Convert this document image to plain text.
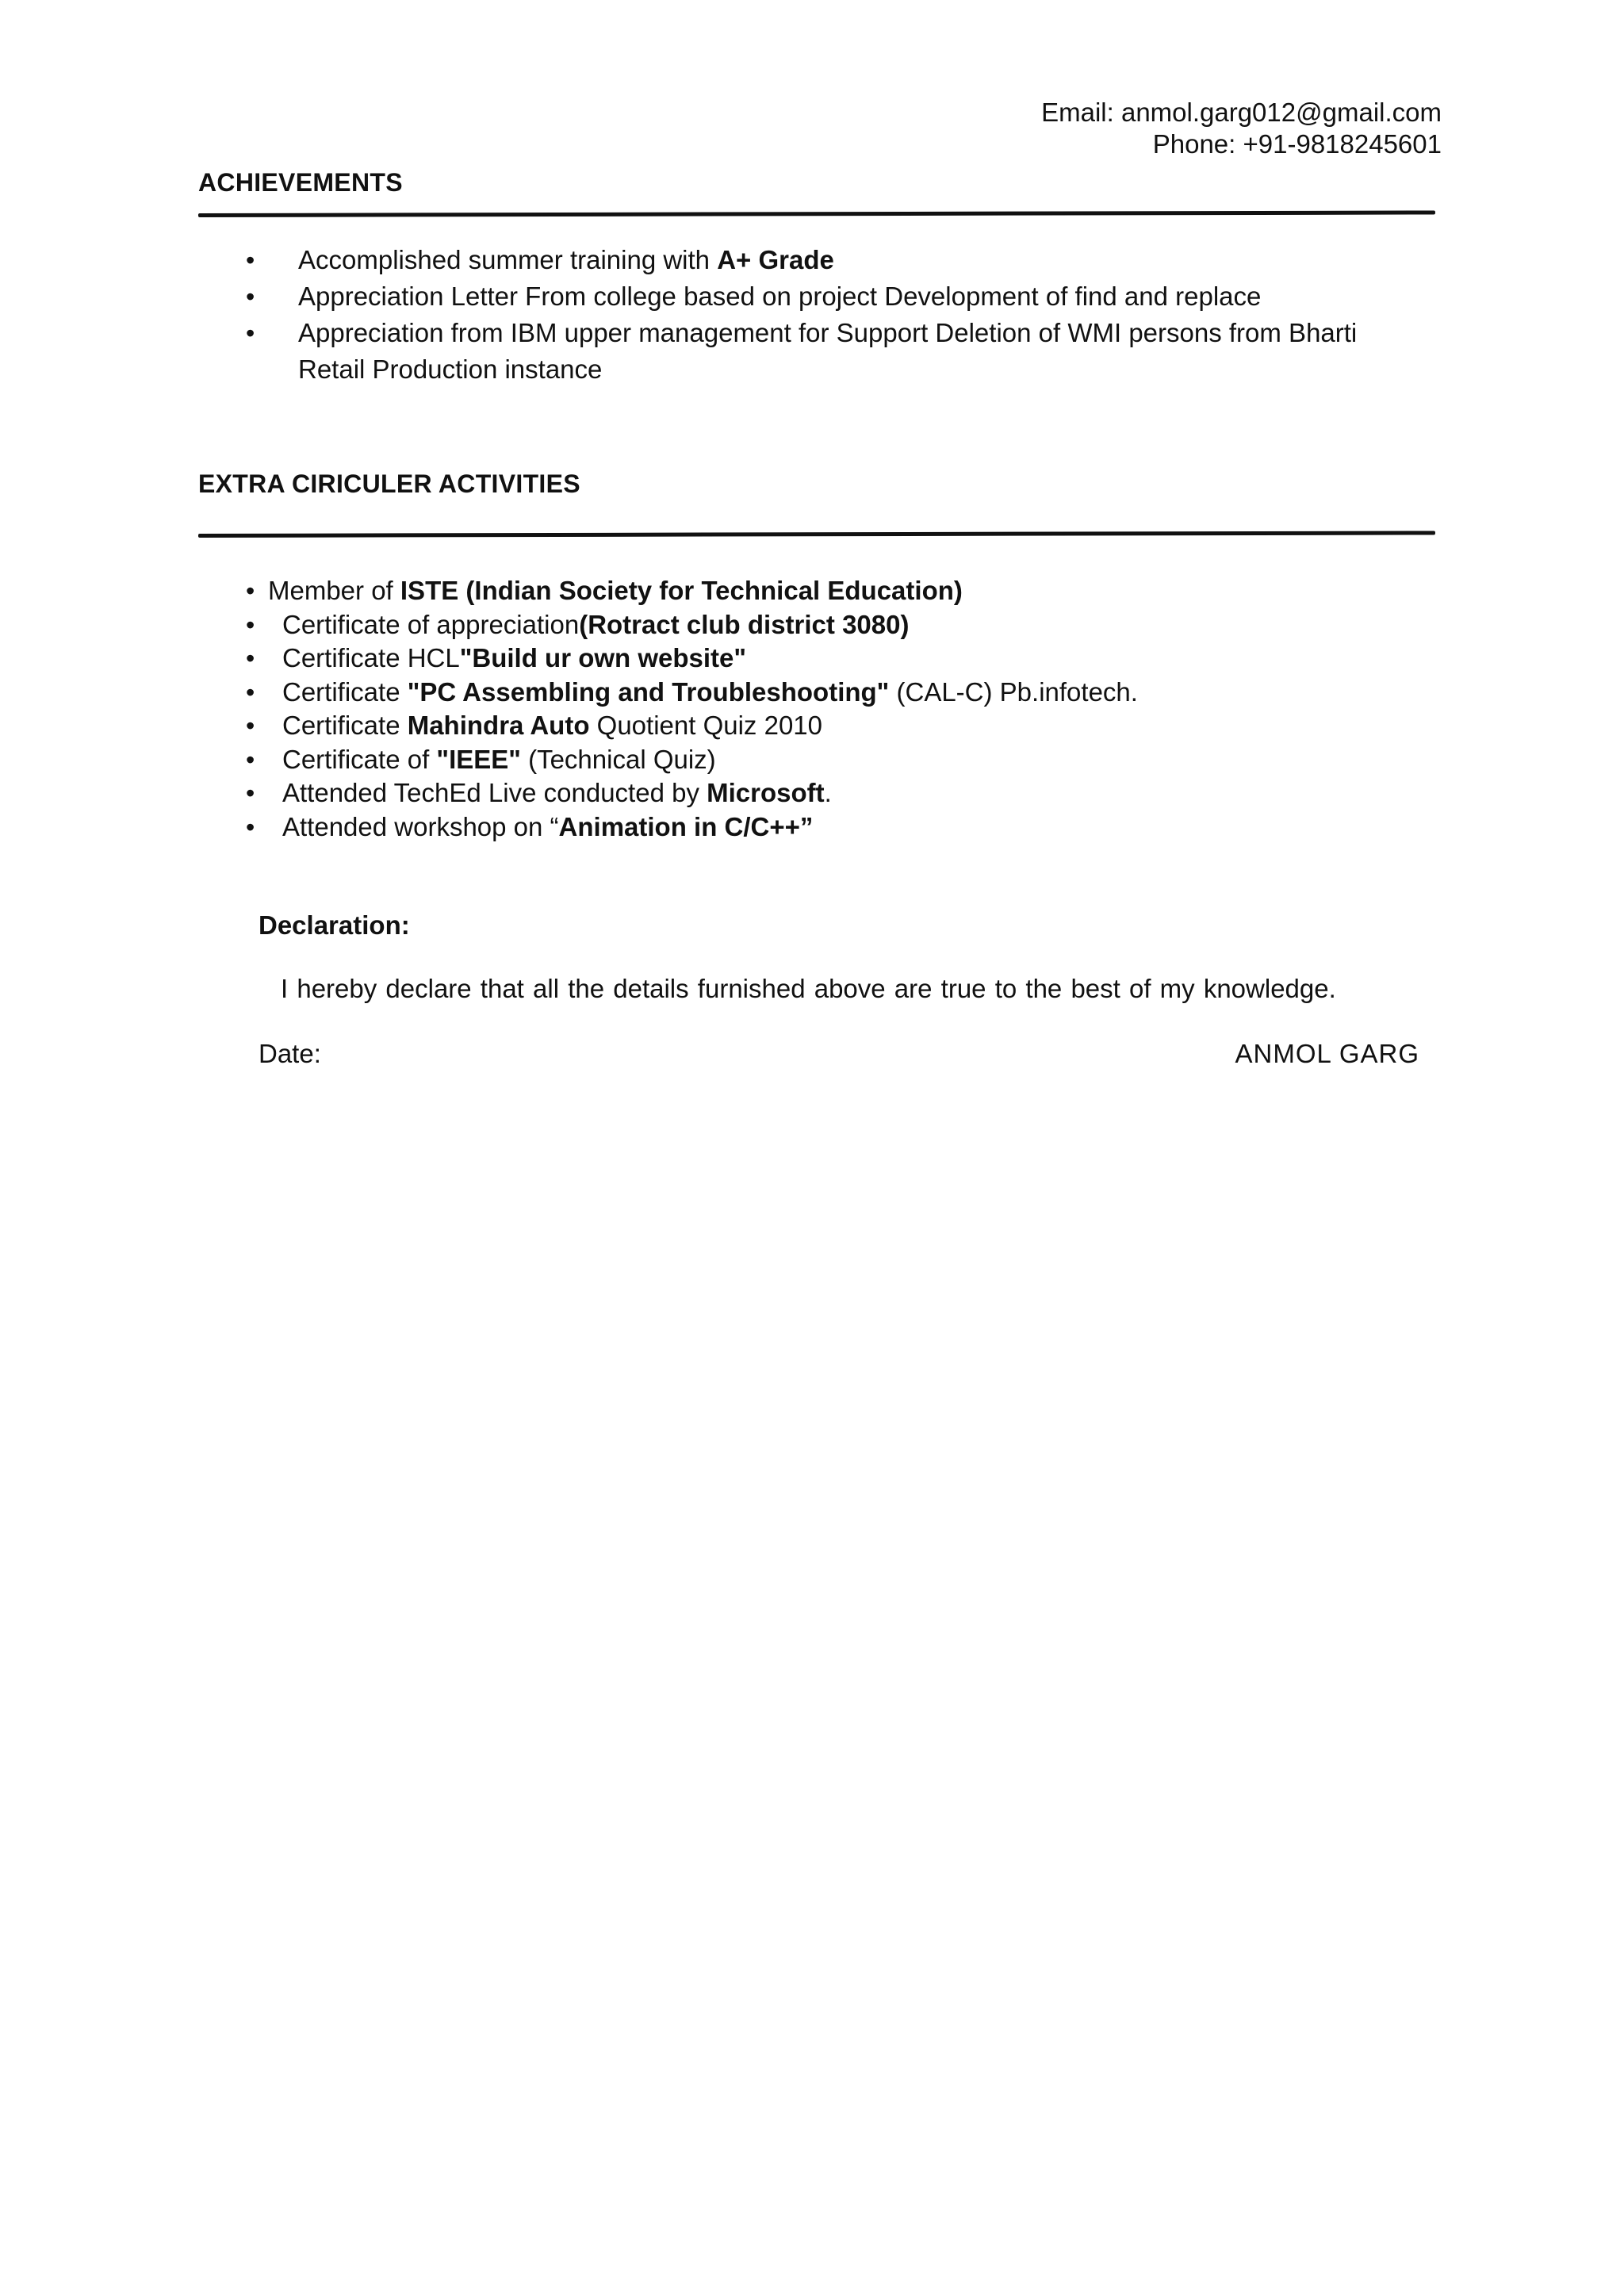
Email: anmol.garg012@gmail.com
Phone: +91-9818245601
ACHIEVEMENTS
• Accomplished summer training with A+ Grade
• Appreciation Letter From college based on project Development of find and replace
• Appreciation from IBM upper management for Support Deletion of WMI persons from Bharti Retail Production instance
EXTRA CIRICULER ACTIVITIES
• Member of ISTE (Indian Society for Technical Education)
• Certificate of appreciation(Rotract club district 3080)
• Certificate HCL"Build ur own website"
• Certificate "PC Assembling and Troubleshooting" (CAL-C) Pb.infotech.
• Certificate Mahindra Auto Quotient Quiz 2010
• Certificate of "IEEE" (Technical Quiz)
• Attended TechEd Live conducted by Microsoft.
• Attended workshop on “Animation in C/C++”
Declaration:
I hereby declare that all the details furnished above are true to the best of my knowledge.
Date:	ANMOL GARG
